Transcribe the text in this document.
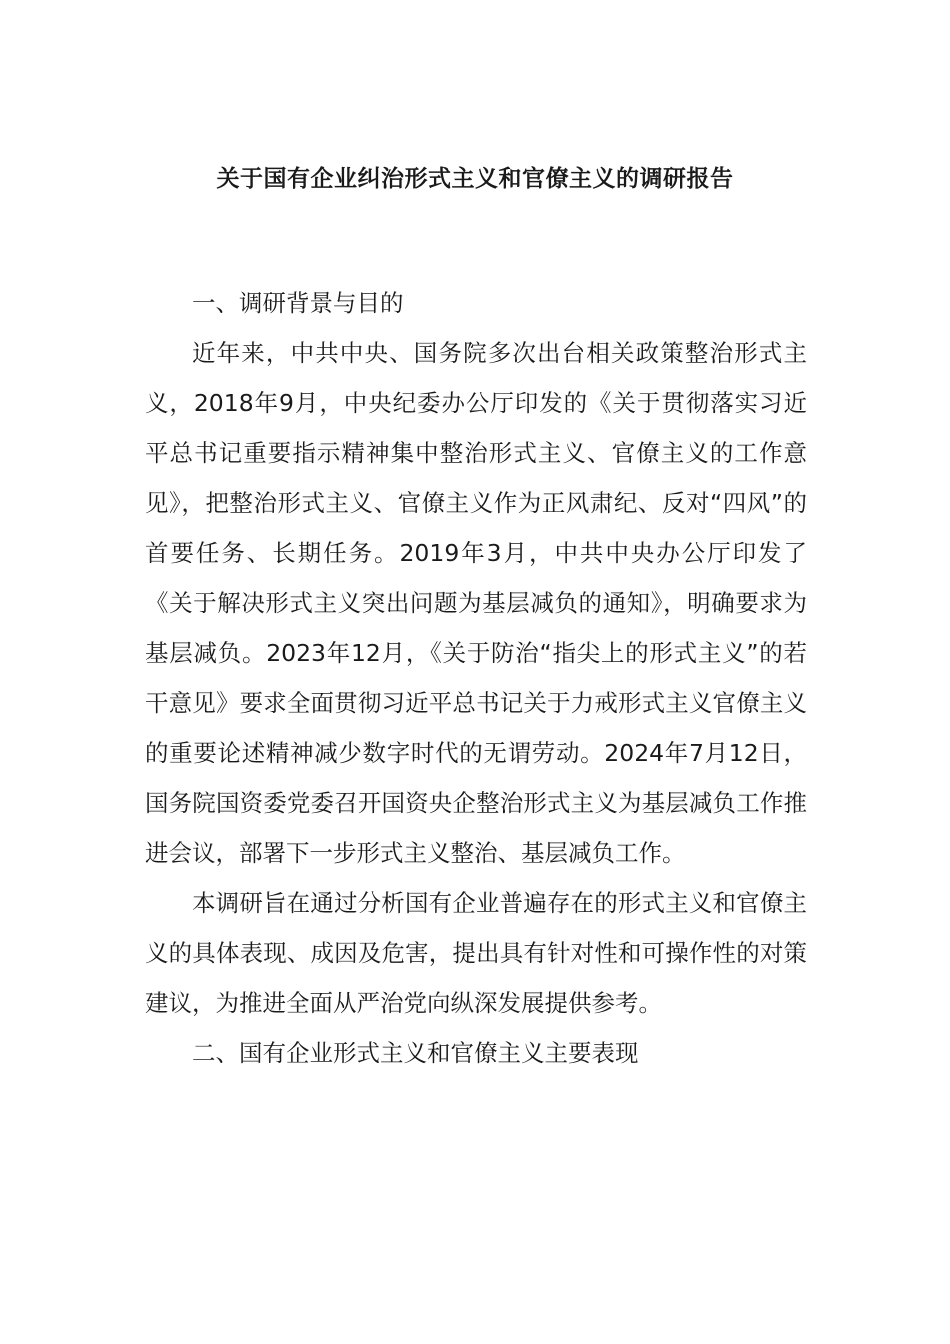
关于国有企业纠治形式主义和官僚主义的调研报告

一、调研背景与目的

近年来，中共中央、国务院多次出台相关政策整治形式主义，2018年9月，中央纪委办公厅印发的《关于贯彻落实习近平总书记重要指示精神集中整治形式主义、官僚主义的工作意见》，把整治形式主义、官僚主义作为正风肃纪、反对“四风”的首要任务、长期任务。2019年3月，中共中央办公厅印发了《关于解决形式主义突出问题为基层减负的通知》，明确要求为基层减负。2023年12月，《关于防治“指尖上的形式主义”的若干意见》要求全面贯彻习近平总书记关于力戒形式主义官僚主义的重要论述精神减少数字时代的无谓劳动。2024年7月12日，国务院国资委党委召开国资央企整治形式主义为基层减负工作推进会议，部署下一步形式主义整治、基层减负工作。

本调研旨在通过分析国有企业普遍存在的形式主义和官僚主义的具体表现、成因及危害，提出具有针对性和可操作性的对策建议，为推进全面从严治党向纵深发展提供参考。

二、国有企业形式主义和官僚主义主要表现
